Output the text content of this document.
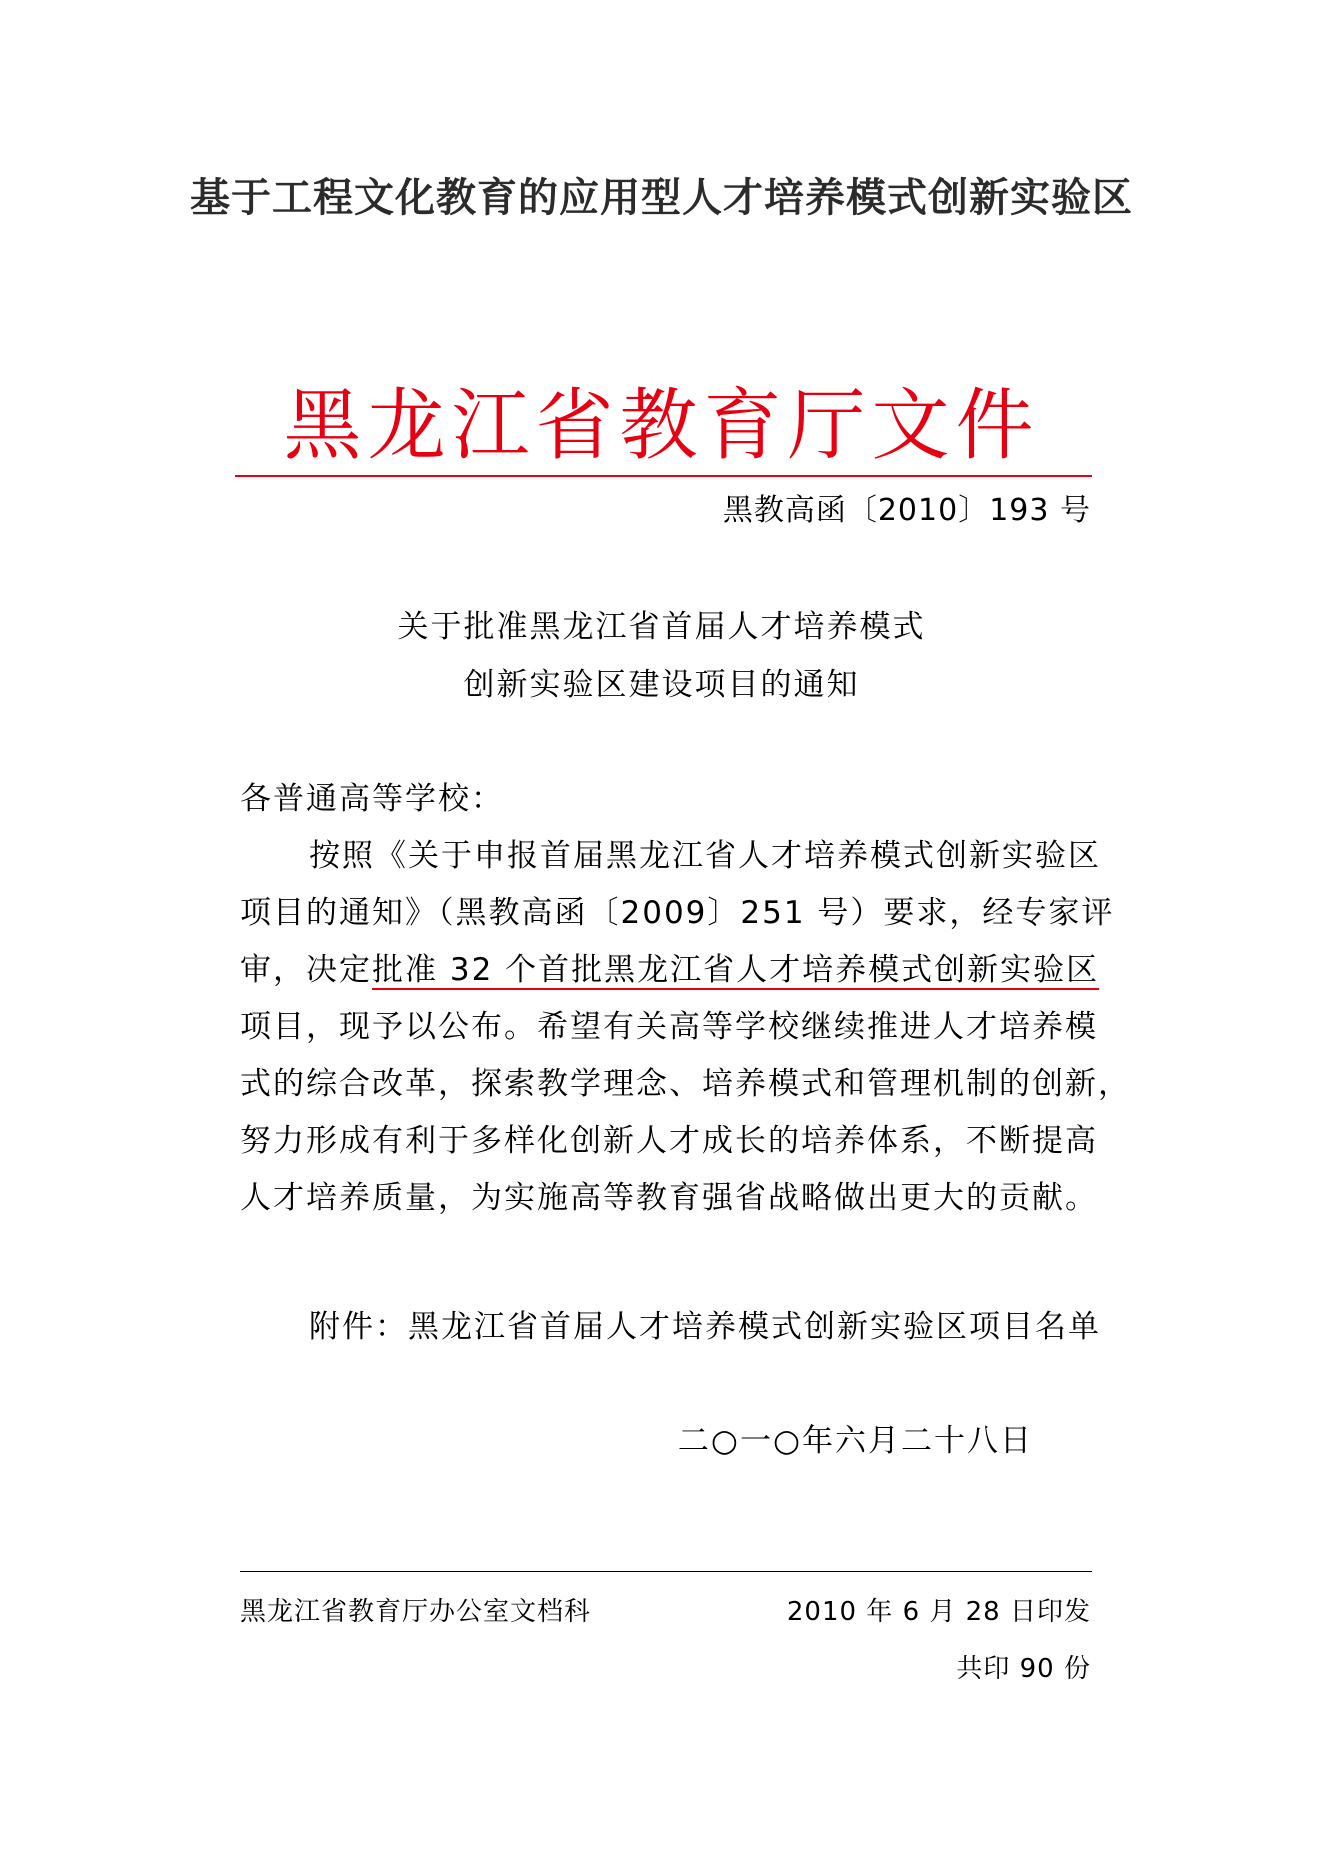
基于工程文化教育的应用型人才培养模式创新实验区
黑龙江省教育厅文件
黑教高函〔2010〕193 号
关于批准黑龙江省首届人才培养模式
创新实验区建设项目的通知
各普通高等学校：
按照《关于申报首届黑龙江省人才培养模式创新实验区
项目的通知》（黑教高函〔2009〕251 号）要求，经专家评
审，决定批准 32 个首批黑龙江省人才培养模式创新实验区
项目，现予以公布。希望有关高等学校继续推进人才培养模
式的综合改革，探索教学理念、培养模式和管理机制的创新，
努力形成有利于多样化创新人才成长的培养体系，不断提高
人才培养质量，为实施高等教育强省战略做出更大的贡献。
附件：黑龙江省首届人才培养模式创新实验区项目名单
二○一○年六月二十八日
黑龙江省教育厅办公室文档科	2010 年 6 月 28 日印发
共印 90 份
